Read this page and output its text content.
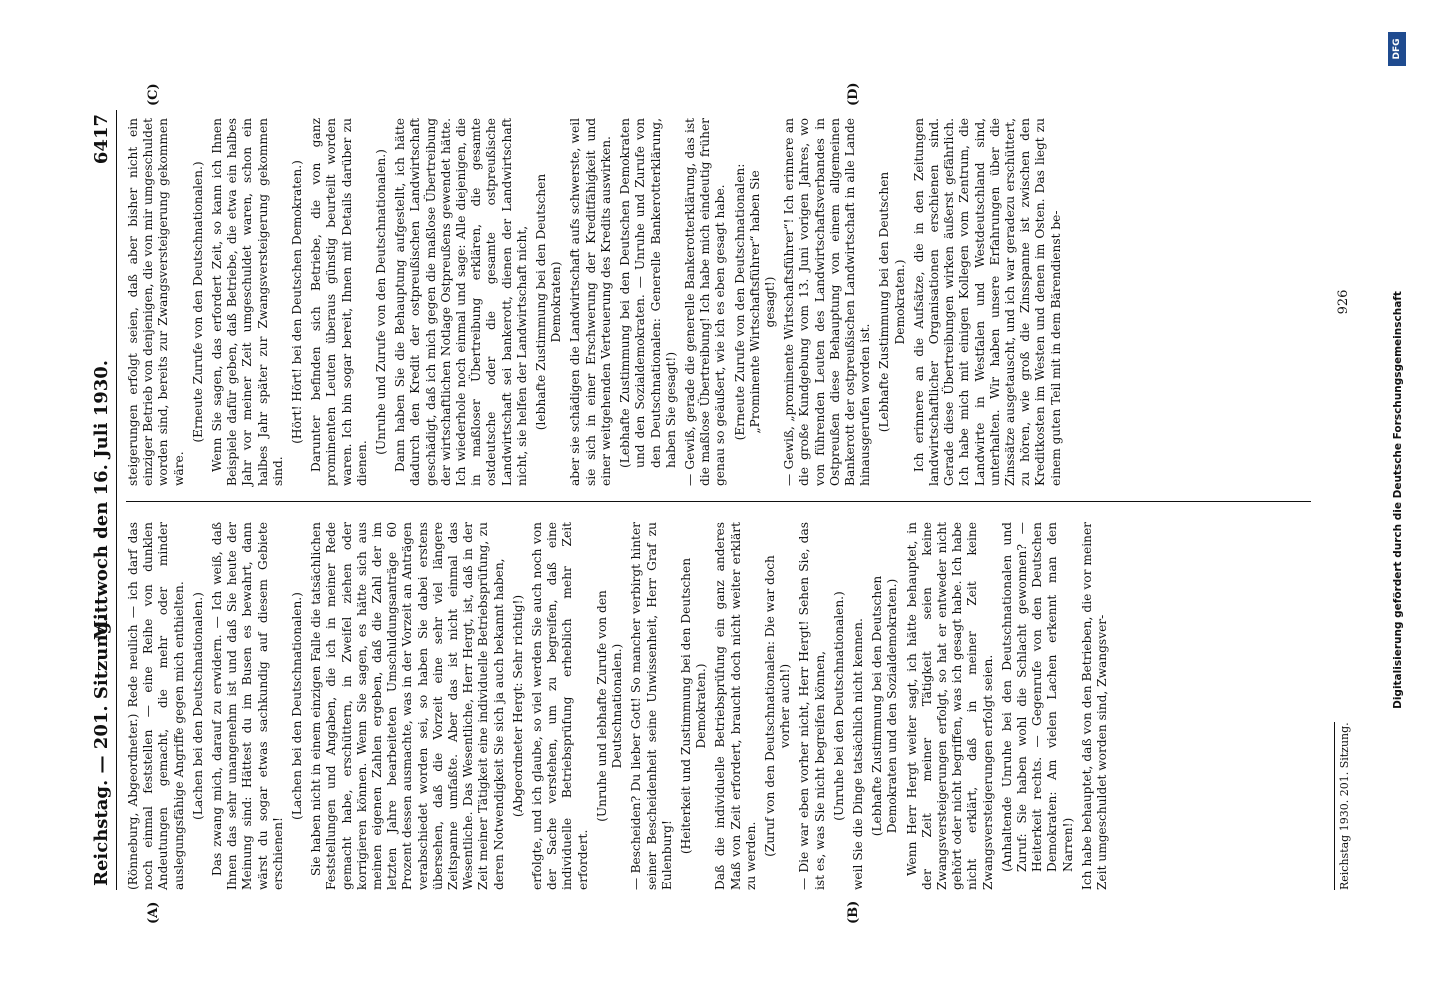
Reichstag. — 201. Sitzung.
Mittwoch den 16. Juli 1930.
6417
(A)	(B)
(C)	(D)

(Rönneburg, Abgeordneter.) Rede neulich — ich darf das noch einmal feststellen — eine Reihe von dunklen Andeutungen gemacht, die mehr oder minder auslegungsfähige Angriffe gegen mich enthielten. (Lachen bei den Deutschnationalen.) Das zwang mich, darauf zu erwidern. — Ich weiß, daß Ihnen das sehr unangenehm ist und daß Sie heute der Meinung sind: Hättest du im Busen es bewahrt, dann wärst du sogar etwas sachkundig auf diesem Gebiete erschienen!

(Lachen bei den Deutschnationalen.) Sie haben nicht in einem einzigen Falle die tatsächlichen Feststellungen und Angaben, die ich in meiner Rede gemacht habe, erschüttern, in Zweifel ziehen oder korrigieren können. Wenn Sie sagen, es hätte sich aus meinen eigenen Zahlen ergeben, daß die Zahl der im letzten Jahre bearbeiteten Umschuldungsanträge 60 Prozent dessen ausmachte, was in der Vorzeit an Anträgen verabschiedet worden sei, so haben Sie dabei erstens übersehen, daß die Vorzeit eine sehr viel längere Zeitspanne umfaßte. Aber das ist nicht einmal das Wesentliche. Das Wesentliche, Herr Hergt, ist, daß in der Zeit meiner Tätigkeit eine individuelle Betriebsprüfung, zu deren Notwendigkeit Sie sich ja auch bekannt haben, (Abgeordneter Hergt: Sehr richtig!) erfolgte, und ich glaube, so viel werden Sie auch noch von der Sache verstehen, um zu begreifen, daß eine individuelle Betriebsprüfung erheblich mehr Zeit erfordert.

(Unruhe und lebhafte Zurufe von den Deutschnationalen.) — Bescheiden? Du lieber Gott! So mancher verbirgt hinter seiner Bescheidenheit seine Unwissenheit, Herr Graf zu Eulenburg!

(Heiterkeit und Zustimmung bei den Deutschen Demokraten.) Daß die individuelle Betriebsprüfung ein ganz anderes Maß von Zeit erfordert, braucht doch nicht weiter erklärt zu werden. (Zuruf von den Deutschnationalen: Die war doch vorher auch!) — Die war eben vorher nicht, Herr Hergt! Sehen Sie, das ist es, was Sie nicht begreifen können, (Unruhe bei den Deutschnationalen.) weil Sie die Dinge tatsächlich nicht kennen. (Lebhafte Zustimmung bei den Deutschen Demokraten und den Sozialdemokraten.) Wenn Herr Hergt weiter sagt, ich hätte behauptet, in der Zeit meiner Tätigkeit seien keine Zwangsversteigerungen erfolgt, so hat er entweder nicht gehört oder nicht begriffen, was ich gesagt habe. Ich habe nicht erklärt, daß in meiner Zeit keine Zwangsversteigerungen erfolgt seien. (Anhaltende Unruhe bei den Deutschnationalen und Zuruf: Sie haben wohl die Schlacht gewonnen? — Heiterkeit rechts. — Gegenrufe von den Deutschen Demokraten: Am vielen Lachen erkennt man den Narren!) Ich habe behauptet, daß von den Betrieben, die vor meiner Zeit umgeschuldet worden sind, Zwangsver-

steigerungen erfolgt seien, daß aber bisher nicht ein einziger Betrieb von denjenigen, die von mir umgeschuldet worden sind, bereits zur Zwangsversteigerung gekommen wäre.

(Erneute Zurufe von den Deutschnationalen.) Wenn Sie sagen, das erfordert Zeit, so kann ich Ihnen Beispiele dafür geben, daß Betriebe, die etwa ein halbes Jahr vor meiner Zeit umgeschuldet waren, schon ein halbes Jahr später zur Zwangsversteigerung gekommen sind.

(Hört! Hört! bei den Deutschen Demokraten.) Darunter befinden sich Betriebe, die von ganz prominenten Leuten überaus günstig beurteilt worden waren. Ich bin sogar bereit, Ihnen mit Details darüber zu dienen.

(Unruhe und Zurufe von den Deutschnationalen.) Dann haben Sie die Behauptung aufgestellt, ich hätte dadurch den Kredit der ostpreußischen Landwirtschaft geschädigt, daß ich mich gegen die maßlose Übertreibung der wirtschaftlichen Notlage Ostpreußens gewendet hätte. Ich wiederhole noch einmal und sage: Alle diejenigen, die in maßloser Übertreibung erklären, die gesamte ostdeutsche oder die gesamte ostpreußische Landwirtschaft sei bankerott, dienen der Landwirtschaft nicht, sie helfen der Landwirtschaft nicht, (lebhafte Zustimmung bei den Deutschen Demokraten) aber sie schädigen die Landwirtschaft aufs schwerste, weil sie sich in einer Erschwerung der Kreditfähigkeit und einer weitgehenden Verteuerung des Kredits auswirken. (Lebhafte Zustimmung bei den Deutschen Demokraten und den Sozialdemokraten. — Unruhe und Zurufe von den Deutschnationalen: Generelle Bankerotterklärung, haben Sie gesagt!) — Gewiß, gerade die generelle Bankerotterklärung, das ist die maßlose Übertreibung! Ich habe mich eindeutig früher genau so geäußert, wie ich es eben gesagt habe. (Erneute Zurufe von den Deutschnationalen: „Prominente Wirtschaftsführer“ haben Sie gesagt!) — Gewiß, „prominente Wirtschaftsführer“! Ich erinnere an die große Kundgebung vom 13. Juni vorigen Jahres, wo von führenden Leuten des Landwirtschaftsverbandes in Ostpreußen diese Behauptung von einem allgemeinen Bankerott der ostpreußischen Landwirtschaft in alle Lande hinausgerufen worden ist. (Lebhafte Zustimmung bei den Deutschen Demokraten.) Ich erinnere an die Aufsätze, die in den Zeitungen landwirtschaftlicher Organisationen erschienen sind. Gerade diese Übertreibungen wirken äußerst gefährlich. Ich habe mich mit einigen Kollegen vom Zentrum, die Landwirte in Westfalen und Westdeutschland sind, unterhalten. Wir haben unsere Erfahrungen über die Zinssätze ausgetauscht, und ich war geradezu erschüttert, zu hören, wie groß die Zinsspanne ist zwischen den Kreditkosten im Westen und denen im Osten. Das liegt zu einem guten Teil mit in dem Bärendienst be-

Reichstag 1930. 201. Sitzung.
926	Digitalisierung gefördert durch die Deutsche Forschungsgemeinschaft
DFG
